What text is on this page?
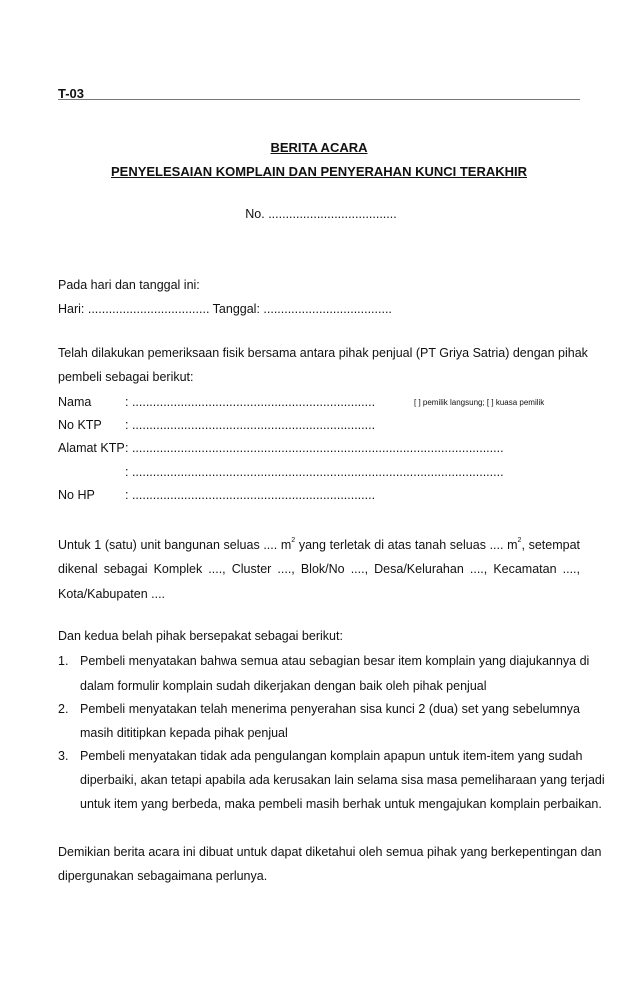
T-03
BERITA ACARA
PENYELESAIAN KOMPLAIN DAN PENYERAHAN KUNCI TERAKHIR
No. .....................................
Pada hari dan tanggal ini:
Hari: ................................... Tanggal: .....................................
Telah dilakukan pemeriksaan fisik bersama antara pihak penjual (PT Griya Satria) dengan pihak
pembeli sebagai berikut:
Nama	: ......................................................................	[ ] pemilik langsung; [ ] kuasa pemilik
No KTP : ......................................................................
Alamat KTP : ...........................................................................................................
: ...........................................................................................................
No HP : ......................................................................
Untuk 1 (satu) unit bangunan seluas .... $m^2$ yang terletak di atas tanah seluas .... $m^2$, setempat
dikenal sebagai Komplek ...., Cluster ...., Blok/No ...., Desa/Kelurahan ...., Kecamatan ....,
Kota/Kabupaten ....
Dan kedua belah pihak bersepakat sebagai berikut:
1. Pembeli menyatakan bahwa semua atau sebagian besar item komplain yang diajukannya di
dalam formulir komplain sudah dikerjakan dengan baik oleh pihak penjual
2. Pembeli menyatakan telah menerima penyerahan sisa kunci 2 (dua) set yang sebelumnya
masih dititipkan kepada pihak penjual
3. Pembeli menyatakan tidak ada pengulangan komplain apapun untuk item-item yang sudah
diperbaiki, akan tetapi apabila ada kerusakan lain selama sisa masa pemeliharaan yang terjadi
untuk item yang berbeda, maka pembeli masih berhak untuk mengajukan komplain perbaikan.
Demikian berita acara ini dibuat untuk dapat diketahui oleh semua pihak yang berkepentingan dan
dipergunakan sebagaimana perlunya.
